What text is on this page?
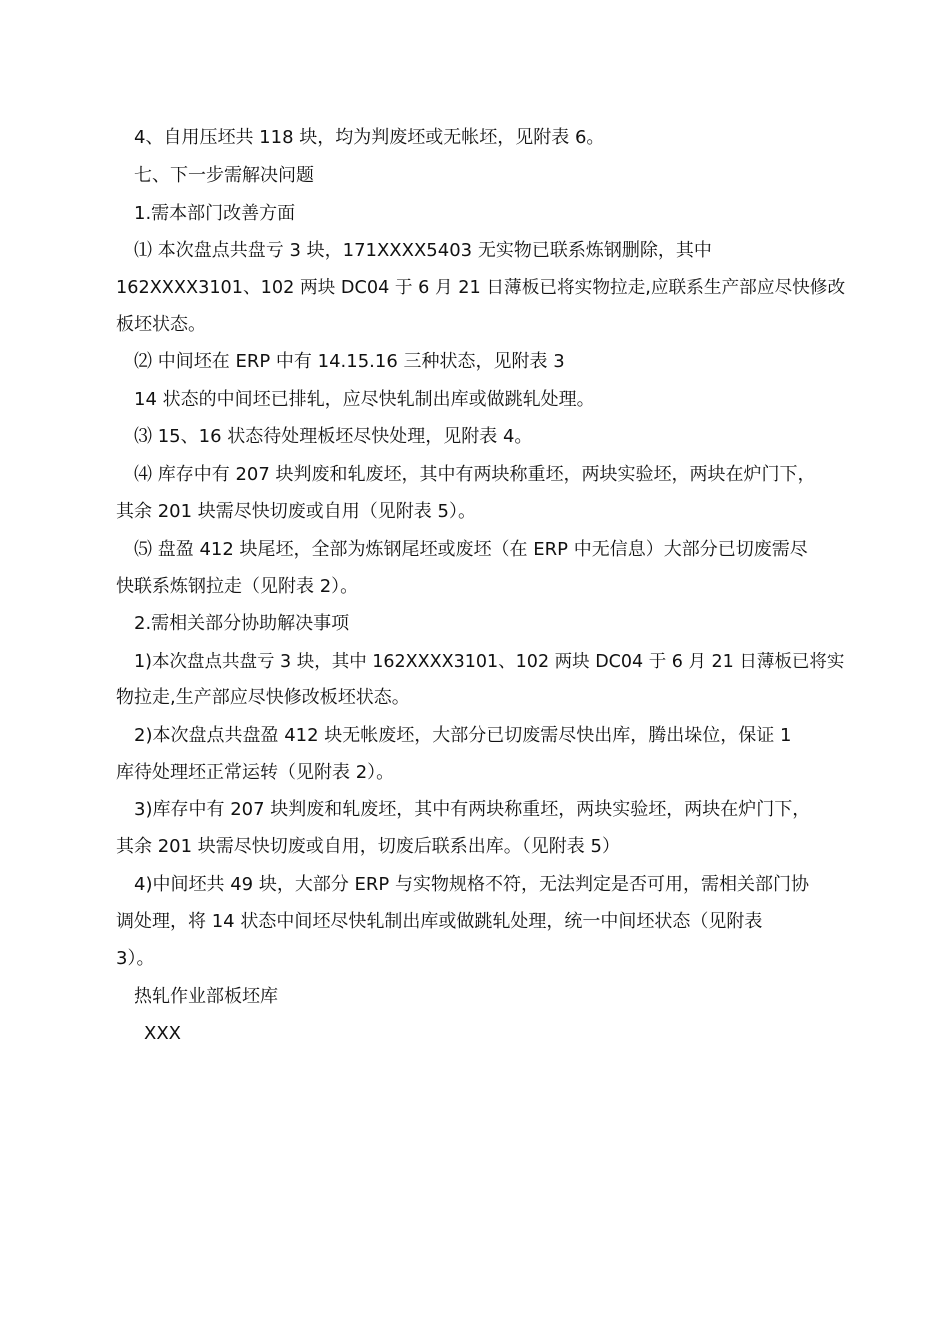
4、自用压坯共 118 块，均为判废坯或无帐坯，见附表 6。
七、下一步需解决问题
1.需本部门改善方面
⑴ 本次盘点共盘亏 3 块，171XXXX5403 无实物已联系炼钢删除，其中
162XXXX3101、102 两块 DC04 于 6 月 21 日薄板已将实物拉走,应联系生产部应尽快修改
板坯状态。
⑵ 中间坯在 ERP 中有 14.15.16 三种状态，见附表 3
14 状态的中间坯已排轧，应尽快轧制出库或做跳轧处理。
⑶ 15、16 状态待处理板坯尽快处理，见附表 4。
⑷ 库存中有 207 块判废和轧废坯，其中有两块称重坯，两块实验坯，两块在炉门下，
其余 201 块需尽快切废或自用（见附表 5）。
⑸ 盘盈 412 块尾坯，全部为炼钢尾坯或废坯（在 ERP 中无信息）大部分已切废需尽
快联系炼钢拉走（见附表 2）。
2.需相关部分协助解决事项
1)本次盘点共盘亏 3 块，其中 162XXXX3101、102 两块 DC04 于 6 月 21 日薄板已将实
物拉走,生产部应尽快修改板坯状态。
2)本次盘点共盘盈 412 块无帐废坯，大部分已切废需尽快出库，腾出垛位，保证 1
库待处理坯正常运转（见附表 2）。
3)库存中有 207 块判废和轧废坯，其中有两块称重坯，两块实验坯，两块在炉门下，
其余 201 块需尽快切废或自用，切废后联系出库。（见附表 5）
4)中间坯共 49 块，大部分 ERP 与实物规格不符，无法判定是否可用，需相关部门协
调处理，将 14 状态中间坯尽快轧制出库或做跳轧处理，统一中间坯状态（见附表
3）。
热轧作业部板坯库
XXX
